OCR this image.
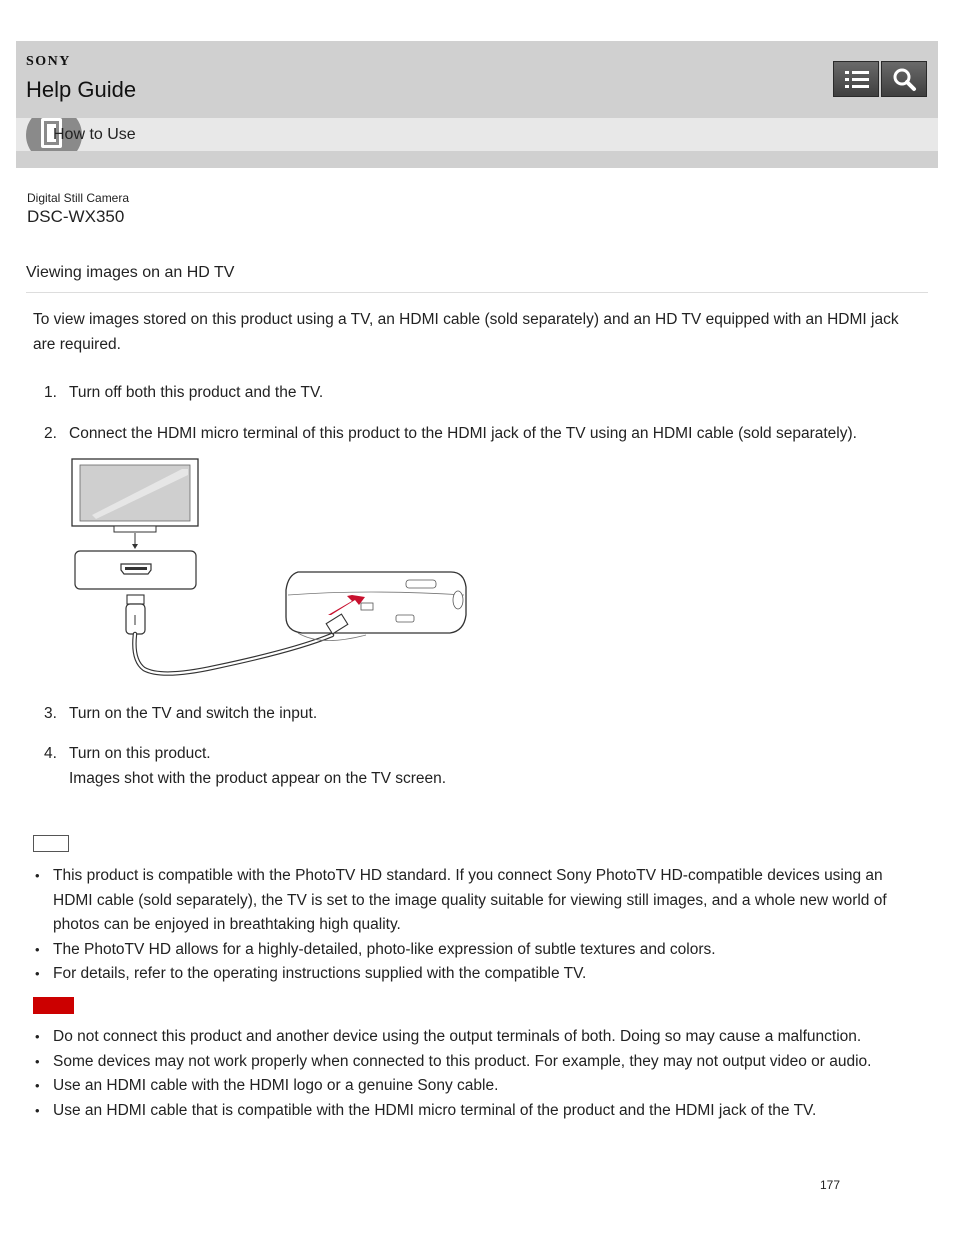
SONY
Help Guide
How to Use
Digital Still Camera
DSC-WX350
Viewing images on an HD TV
To view images stored on this product using a TV, an HDMI cable (sold separately) and an HD TV equipped with an HDMI jack are required.
1. Turn off both this product and the TV.
2. Connect the HDMI micro terminal of this product to the HDMI jack of the TV using an HDMI cable (sold separately).
3. Turn on the TV and switch the input.
4. Turn on this product.
Images shot with the product appear on the TV screen.
• This product is compatible with the PhotoTV HD standard. If you connect Sony PhotoTV HD-compatible devices using an HDMI cable (sold separately), the TV is set to the image quality suitable for viewing still images, and a whole new world of photos can be enjoyed in breathtaking high quality.
• The PhotoTV HD allows for a highly-detailed, photo-like expression of subtle textures and colors.
• For details, refer to the operating instructions supplied with the compatible TV.
• Do not connect this product and another device using the output terminals of both. Doing so may cause a malfunction.
• Some devices may not work properly when connected to this product. For example, they may not output video or audio.
• Use an HDMI cable with the HDMI logo or a genuine Sony cable.
• Use an HDMI cable that is compatible with the HDMI micro terminal of the product and the HDMI jack of the TV.
177
